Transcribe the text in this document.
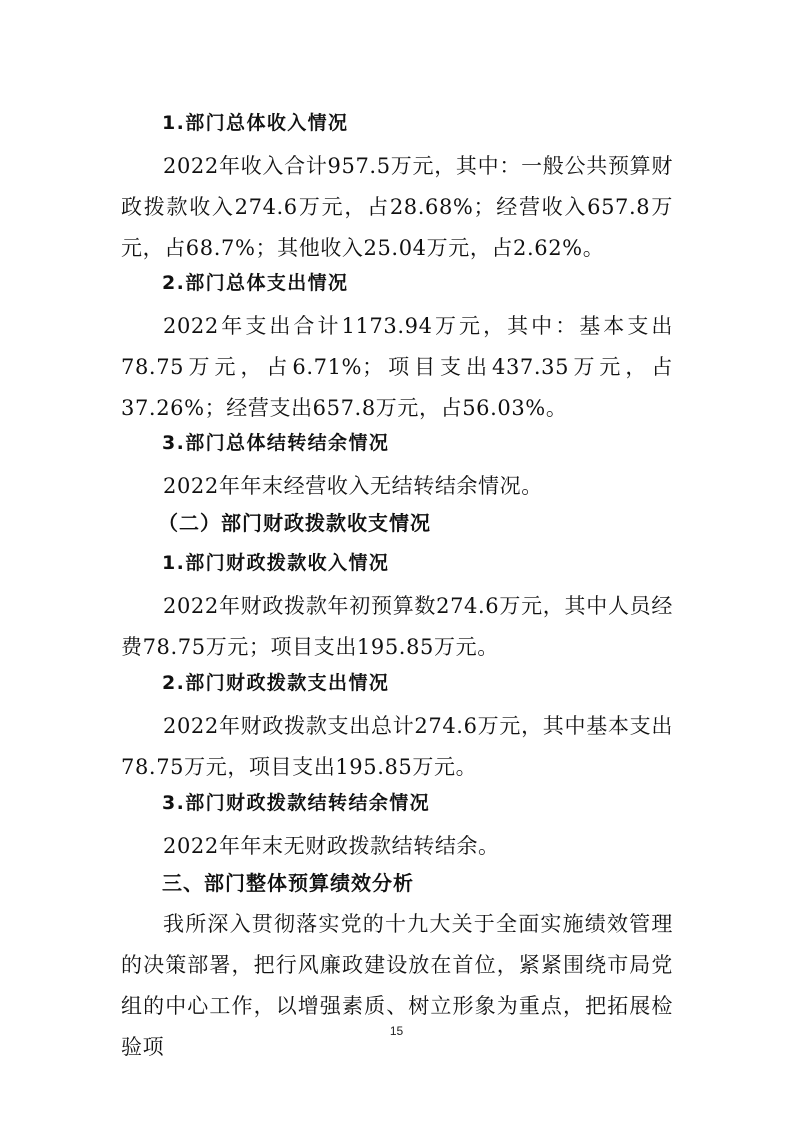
1.部门总体收入情况
2022年收入合计957.5万元，其中：一般公共预算财政拨款收入274.6万元，占28.68%；经营收入657.8万元，占68.7%；其他收入25.04万元，占2.62%。
2.部门总体支出情况
2022年支出合计1173.94万元，其中：基本支出78.75万元，占6.71%；项目支出437.35万元，占37.26%；经营支出657.8万元，占56.03%。
3.部门总体结转结余情况
2022年年末经营收入无结转结余情况。
（二）部门财政拨款收支情况
1.部门财政拨款收入情况
2022年财政拨款年初预算数274.6万元，其中人员经费78.75万元；项目支出195.85万元。
2.部门财政拨款支出情况
2022年财政拨款支出总计274.6万元，其中基本支出78.75万元，项目支出195.85万元。
3.部门财政拨款结转结余情况
2022年年末无财政拨款结转结余。
三、部门整体预算绩效分析
我所深入贯彻落实党的十九大关于全面实施绩效管理的决策部署，把行风廉政建设放在首位，紧紧围绕市局党组的中心工作，以增强素质、树立形象为重点，把拓展检验项
15
